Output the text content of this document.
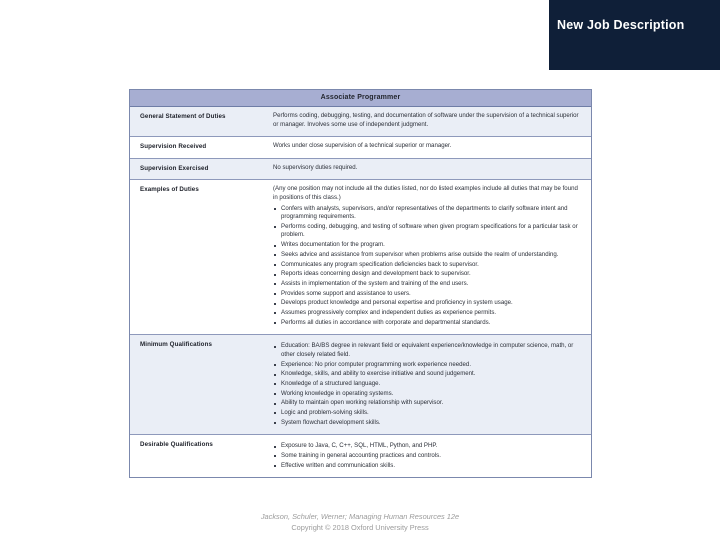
New Job Description
Associate Programmer
General Statement of Duties	Performs coding, debugging, testing, and documentation of software under the supervision of a technical superior or manager. Involves some use of independent judgment.

Supervision Received	Works under close supervision of a technical superior or manager.

Supervision Exercised	No supervisory duties required.

Examples of Duties	(Any one position may not include all the duties listed, nor do listed examples include all duties that may be found in positions of this class.)

Confers with analysts, supervisors, and/or representatives of the departments to clarify software intent and programming requirements.
Performs coding, debugging, and testing of software when given program specifications for a particular task or problem.
Writes documentation for the program.
Seeks advice and assistance from supervisor when problems arise outside the realm of understanding.
Communicates any program specification deficiencies back to supervisor.
Reports ideas concerning design and development back to supervisor.
Assists in implementation of the system and training of the end users.
Provides some support and assistance to users.
Develops product knowledge and personal expertise and proficiency in system usage.
Assumes progressively complex and independent duties as experience permits.
Performs all duties in accordance with corporate and departmental standards.
Minimum Qualifications	Education: BA/BS degree in relevant field or equivalent experience/knowledge in computer science, math, or other closely related field.
Experience: No prior computer programming work experience needed.
Knowledge, skills, and ability to exercise initiative and sound judgement.
Knowledge of a structured language.
Working knowledge in operating systems.
Ability to maintain open working relationship with supervisor.
Logic and problem-solving skills.
System flowchart development skills.
Desirable Qualifications	Exposure to Java, C, C++, SQL, HTML, Python, and PHP.
Some training in general accounting practices and controls.
Effective written and communication skills.
Jackson, Schuler, Werner; Managing Human Resources 12e
Copyright © 2018 Oxford University Press
